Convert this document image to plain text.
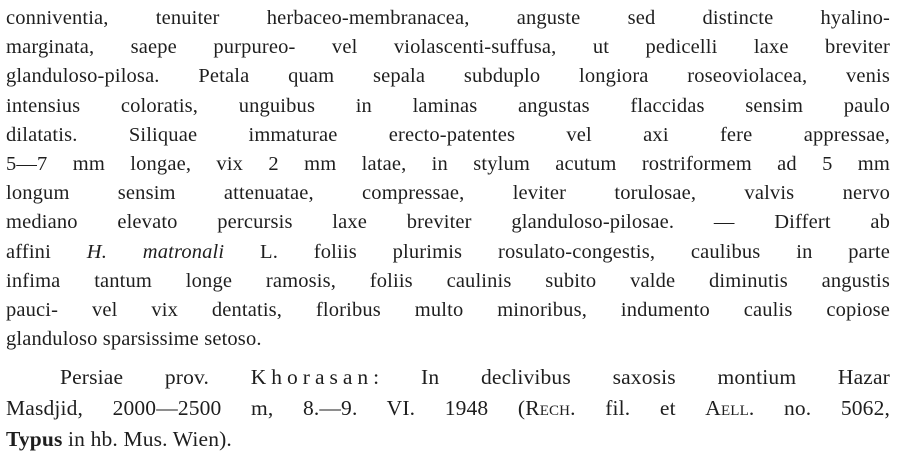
conniventia, tenuiter herbaceo-membranacea, anguste sed distincte hyalino-
marginata, saepe purpureo- vel violascenti-suffusa, ut pedicelli laxe breviter
glanduloso-pilosa. Petala quam sepala subduplo longiora roseoviolacea, venis
intensius coloratis, unguibus in laminas angustas flaccidas sensim paulo
dilatatis. Siliquae immaturae erecto-patentes vel axi fere appressae,
5—7 mm longae, vix 2 mm latae, in stylum acutum rostriformem ad 5 mm
longum sensim attenuatae, compressae, leviter torulosae, valvis nervo
mediano elevato percursis laxe breviter glanduloso-pilosae. — Differt ab
affini H. matronali L. foliis plurimis rosulato-congestis, caulibus in parte
infima tantum longe ramosis, foliis caulinis subito valde diminutis angustis
pauci- vel vix dentatis, floribus multo minoribus, indumento caulis copiose
glanduloso sparsissime setoso.
Persiae prov. Khorasan: In declivibus saxosis montium Hazar
Masdjid, 2000—2500 m, 8.—9. VI. 1948 (Rech. fil. et Aell. no. 5062,
Typus in hb. Mus. Wien).
